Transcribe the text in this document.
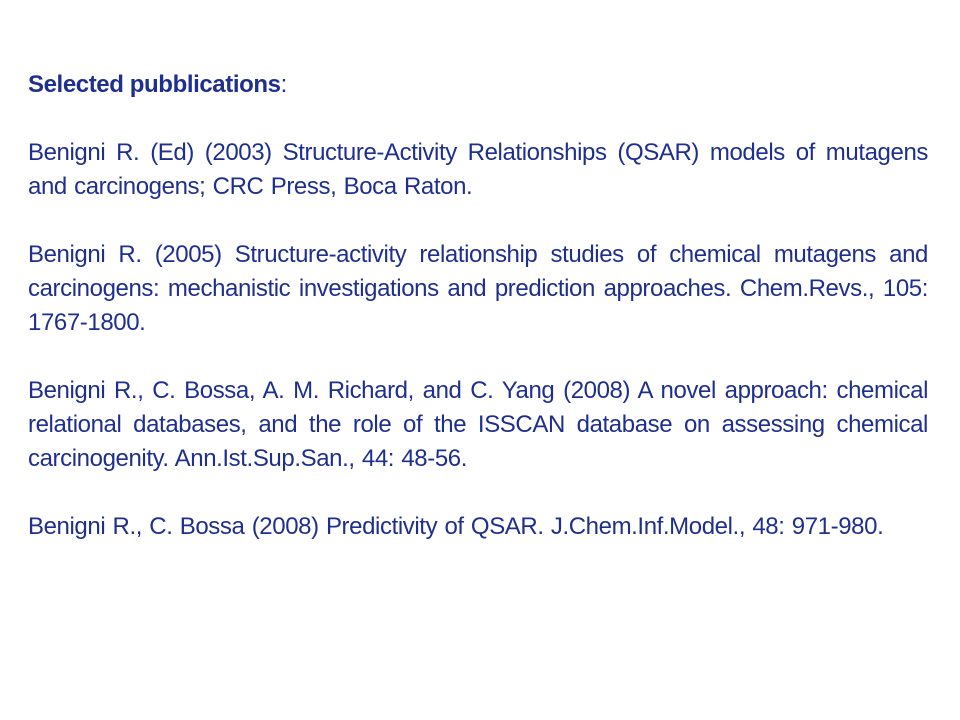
Selected pubblications:

Benigni R. (Ed) (2003) Structure-Activity Relationships (QSAR) models of mutagens and carcinogens; CRC Press, Boca Raton.

Benigni R. (2005) Structure-activity relationship studies of chemical mutagens and carcinogens: mechanistic investigations and prediction approaches. Chem.Revs., 105: 1767-1800.

Benigni R., C. Bossa, A. M. Richard, and C. Yang (2008) A novel approach: chemical relational databases, and the role of the ISSCAN database on assessing chemical carcinogenity. Ann.Ist.Sup.San., 44: 48-56.

Benigni R., C. Bossa (2008) Predictivity of QSAR. J.Chem.Inf.Model., 48: 971-980.
